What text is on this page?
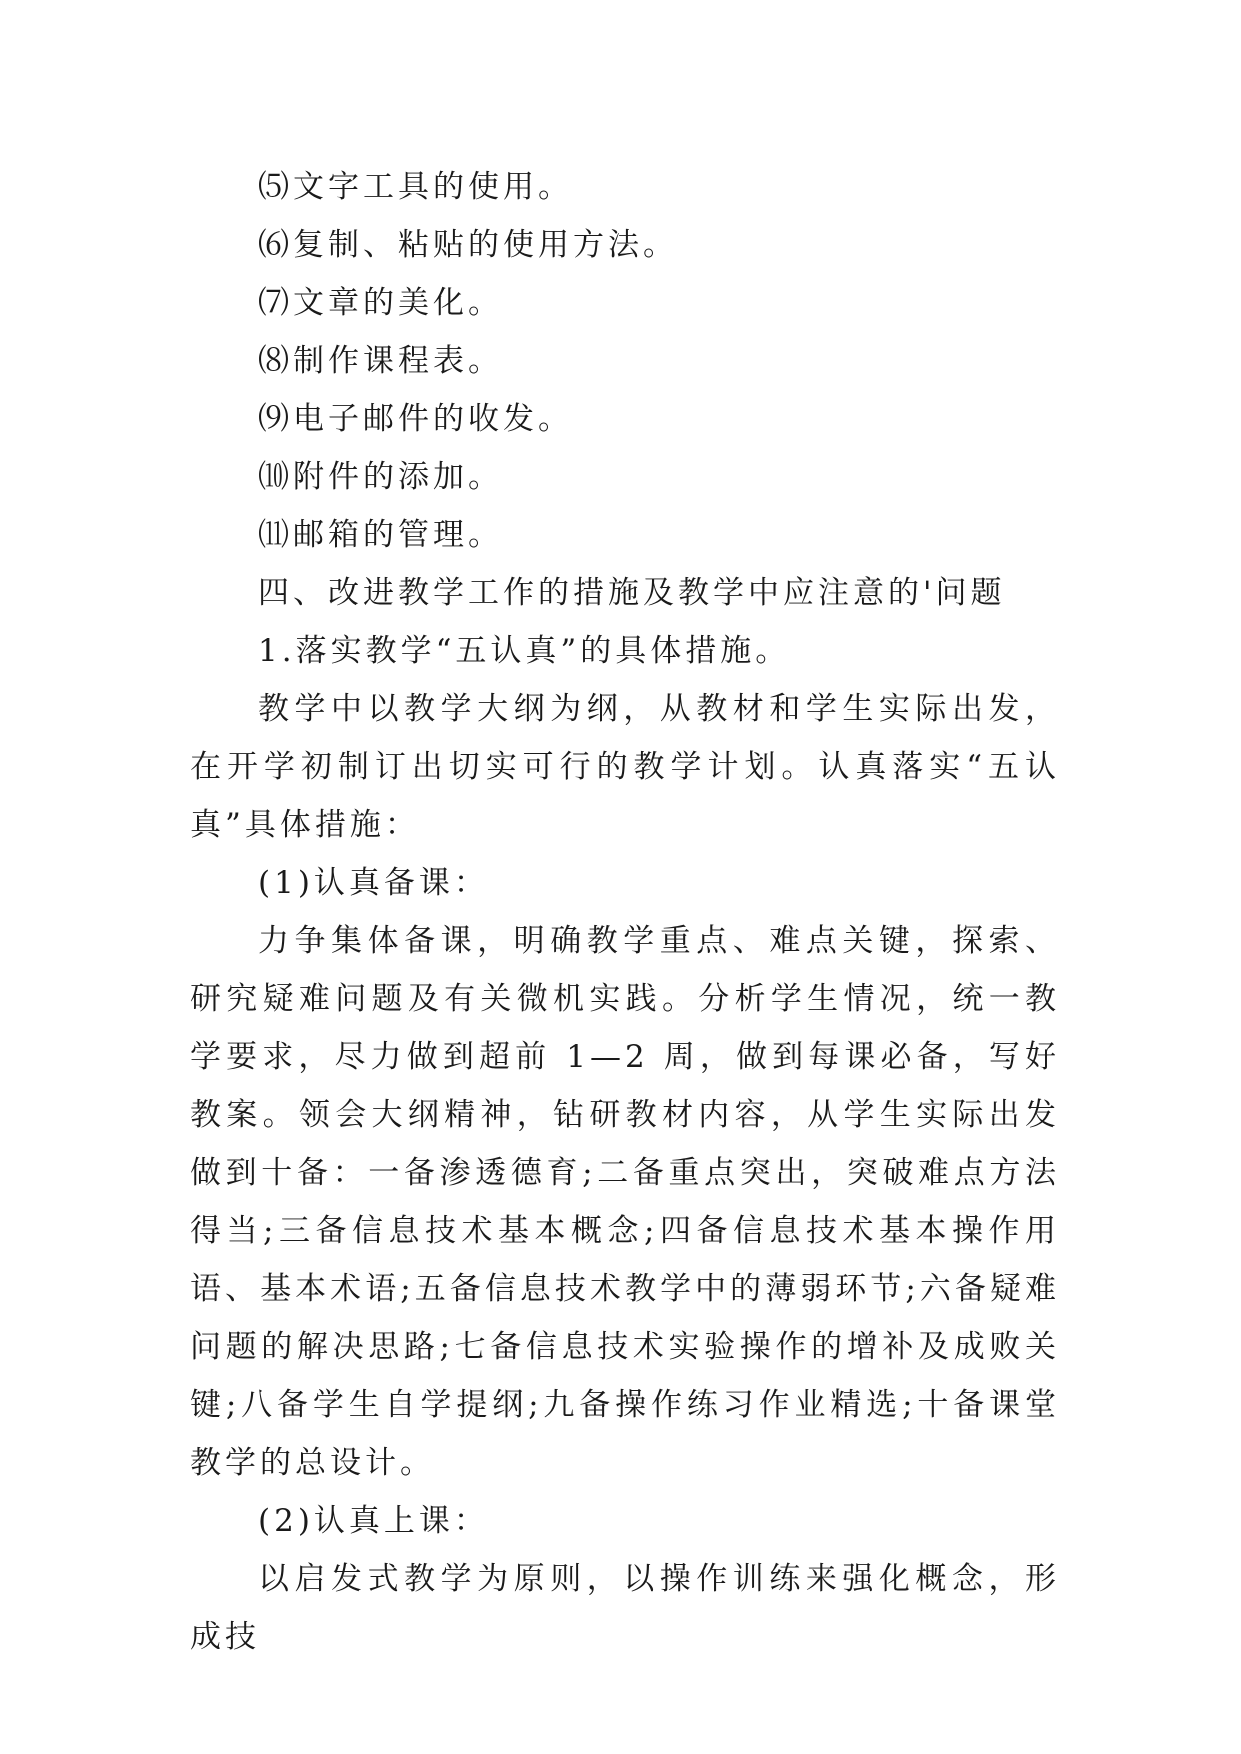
⑸文字工具的使用。
⑹复制、粘贴的使用方法。
⑺文章的美化。
⑻制作课程表。
⑼电子邮件的收发。
⑽附件的添加。
⑾邮箱的管理。
四、改进教学工作的措施及教学中应注意的'问题
1.落实教学“五认真”的具体措施。

教学中以教学大纲为纲，从教材和学生实际出发，在开学初制订出切实可行的教学计划。认真落实“五认真”具体措施：

(1)认真备课：

力争集体备课，明确教学重点、难点关键，探索、研究疑难问题及有关微机实践。分析学生情况，统一教学要求，尽力做到超前 1—2 周，做到每课必备，写好教案。领会大纲精神，钻研教材内容，从学生实际出发做到十备：一备渗透德育;二备重点突出，突破难点方法得当;三备信息技术基本概念;四备信息技术基本操作用语、基本术语;五备信息技术教学中的薄弱环节;六备疑难问题的解决思路;七备信息技术实验操作的增补及成败关键;八备学生自学提纲;九备操作练习作业精选;十备课堂教学的总设计。

(2)认真上课：

以启发式教学为原则，以操作训练来强化概念，形成技
